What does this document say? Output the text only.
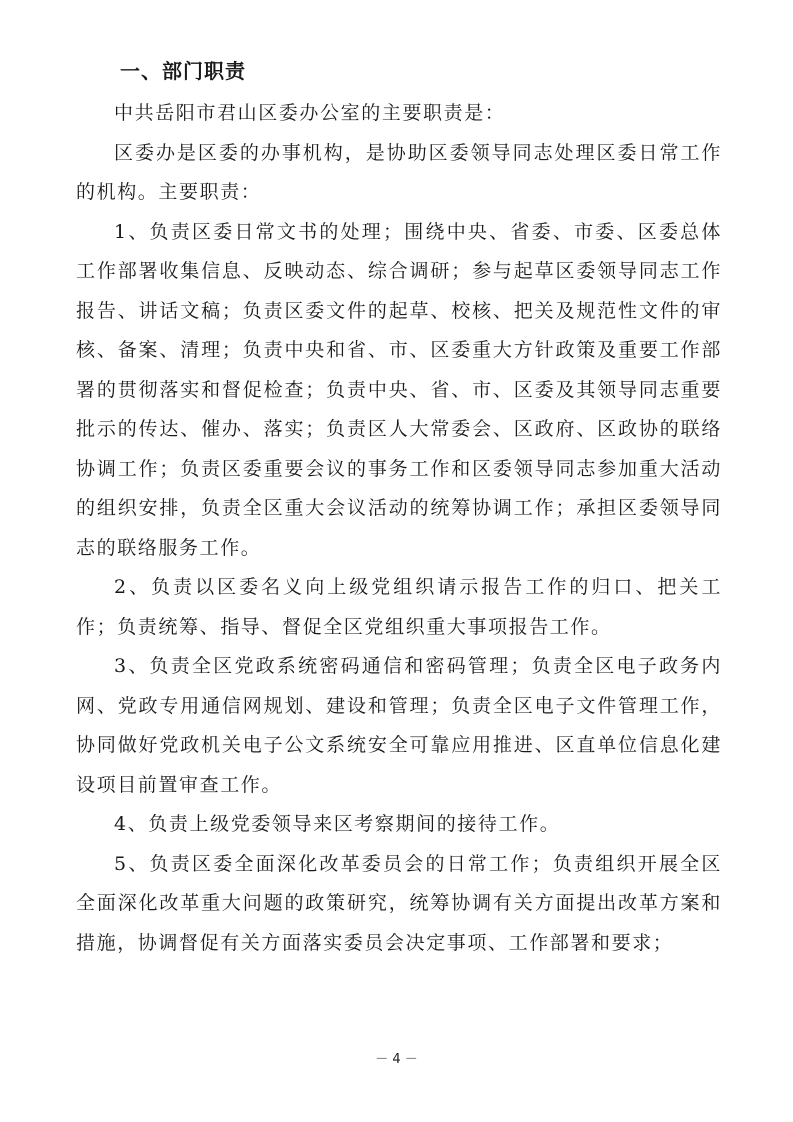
一、部门职责

中共岳阳市君山区委办公室的主要职责是：

区委办是区委的办事机构，是协助区委领导同志处理区委日常工作的机构。主要职责：

1、负责区委日常文书的处理；围绕中央、省委、市委、区委总体工作部署收集信息、反映动态、综合调研；参与起草区委领导同志工作报告、讲话文稿；负责区委文件的起草、校核、把关及规范性文件的审核、备案、清理；负责中央和省、市、区委重大方针政策及重要工作部署的贯彻落实和督促检查；负责中央、省、市、区委及其领导同志重要批示的传达、催办、落实；负责区人大常委会、区政府、区政协的联络协调工作；负责区委重要会议的事务工作和区委领导同志参加重大活动的组织安排，负责全区重大会议活动的统筹协调工作；承担区委领导同志的联络服务工作。

2、负责以区委名义向上级党组织请示报告工作的归口、把关工作；负责统筹、指导、督促全区党组织重大事项报告工作。

3、负责全区党政系统密码通信和密码管理；负责全区电子政务内网、党政专用通信网规划、建设和管理；负责全区电子文件管理工作，协同做好党政机关电子公文系统安全可靠应用推进、区直单位信息化建设项目前置审查工作。

4、负责上级党委领导来区考察期间的接待工作。

5、负责区委全面深化改革委员会的日常工作；负责组织开展全区全面深化改革重大问题的政策研究，统筹协调有关方面提出改革方案和措施，协调督促有关方面落实委员会决定事项、工作部署和要求；

－ 4 －
